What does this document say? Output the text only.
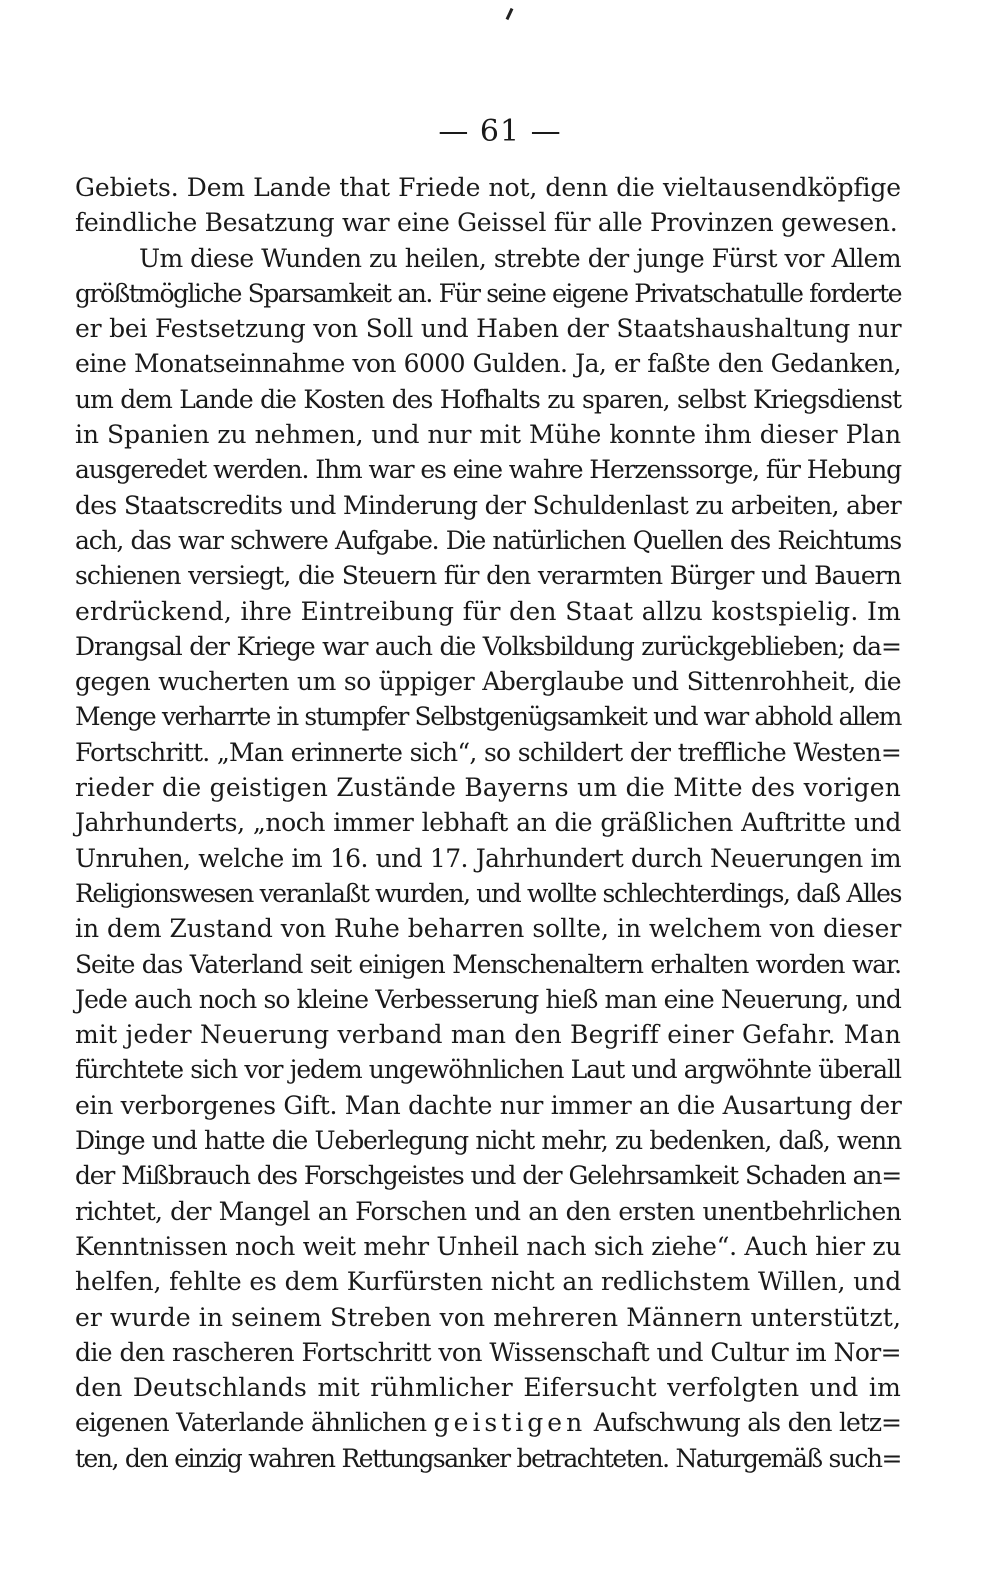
— 61 —
Gebiets. Dem Lande that Friede not, denn die vieltausendköpfige
feindliche Besatzung war eine Geissel für alle Provinzen gewesen.
Um diese Wunden zu heilen, strebte der junge Fürst vor Allem
größtmögliche Sparsamkeit an. Für seine eigene Privatschatulle forderte
er bei Festsetzung von Soll und Haben der Staatshaushaltung nur
eine Monatseinnahme von 6000 Gulden. Ja, er faßte den Gedanken,
um dem Lande die Kosten des Hofhalts zu sparen, selbst Kriegsdienst
in Spanien zu nehmen, und nur mit Mühe konnte ihm dieser Plan
ausgeredet werden. Ihm war es eine wahre Herzenssorge, für Hebung
des Staatscredits und Minderung der Schuldenlast zu arbeiten, aber
ach, das war schwere Aufgabe. Die natürlichen Quellen des Reichtums
schienen versiegt, die Steuern für den verarmten Bürger und Bauern
erdrückend, ihre Eintreibung für den Staat allzu kostspielig. Im
Drangsal der Kriege war auch die Volksbildung zurückgeblieben; da=
gegen wucherten um so üppiger Aberglaube und Sittenrohheit, die
Menge verharrte in stumpfer Selbstgenügsamkeit und war abhold allem
Fortschritt. „Man erinnerte sich“, so schildert der treffliche Westen=
rieder die geistigen Zustände Bayerns um die Mitte des vorigen
Jahrhunderts, „noch immer lebhaft an die gräßlichen Auftritte und
Unruhen, welche im 16. und 17. Jahrhundert durch Neuerungen im
Religionswesen veranlaßt wurden, und wollte schlechterdings, daß Alles
in dem Zustand von Ruhe beharren sollte, in welchem von dieser
Seite das Vaterland seit einigen Menschenaltern erhalten worden war.
Jede auch noch so kleine Verbesserung hieß man eine Neuerung, und
mit jeder Neuerung verband man den Begriff einer Gefahr. Man
fürchtete sich vor jedem ungewöhnlichen Laut und argwöhnte überall
ein verborgenes Gift. Man dachte nur immer an die Ausartung der
Dinge und hatte die Ueberlegung nicht mehr, zu bedenken, daß, wenn
der Mißbrauch des Forschgeistes und der Gelehrsamkeit Schaden an=
richtet, der Mangel an Forschen und an den ersten unentbehrlichen
Kenntnissen noch weit mehr Unheil nach sich ziehe“. Auch hier zu
helfen, fehlte es dem Kurfürsten nicht an redlichstem Willen, und
er wurde in seinem Streben von mehreren Männern unterstützt,
die den rascheren Fortschritt von Wissenschaft und Cultur im Nor=
den Deutschlands mit rühmlicher Eifersucht verfolgten und im
eigenen Vaterlande ähnlichen geistigen Aufschwung als den letz=
ten, den einzig wahren Rettungsanker betrachteten. Naturgemäß such=
